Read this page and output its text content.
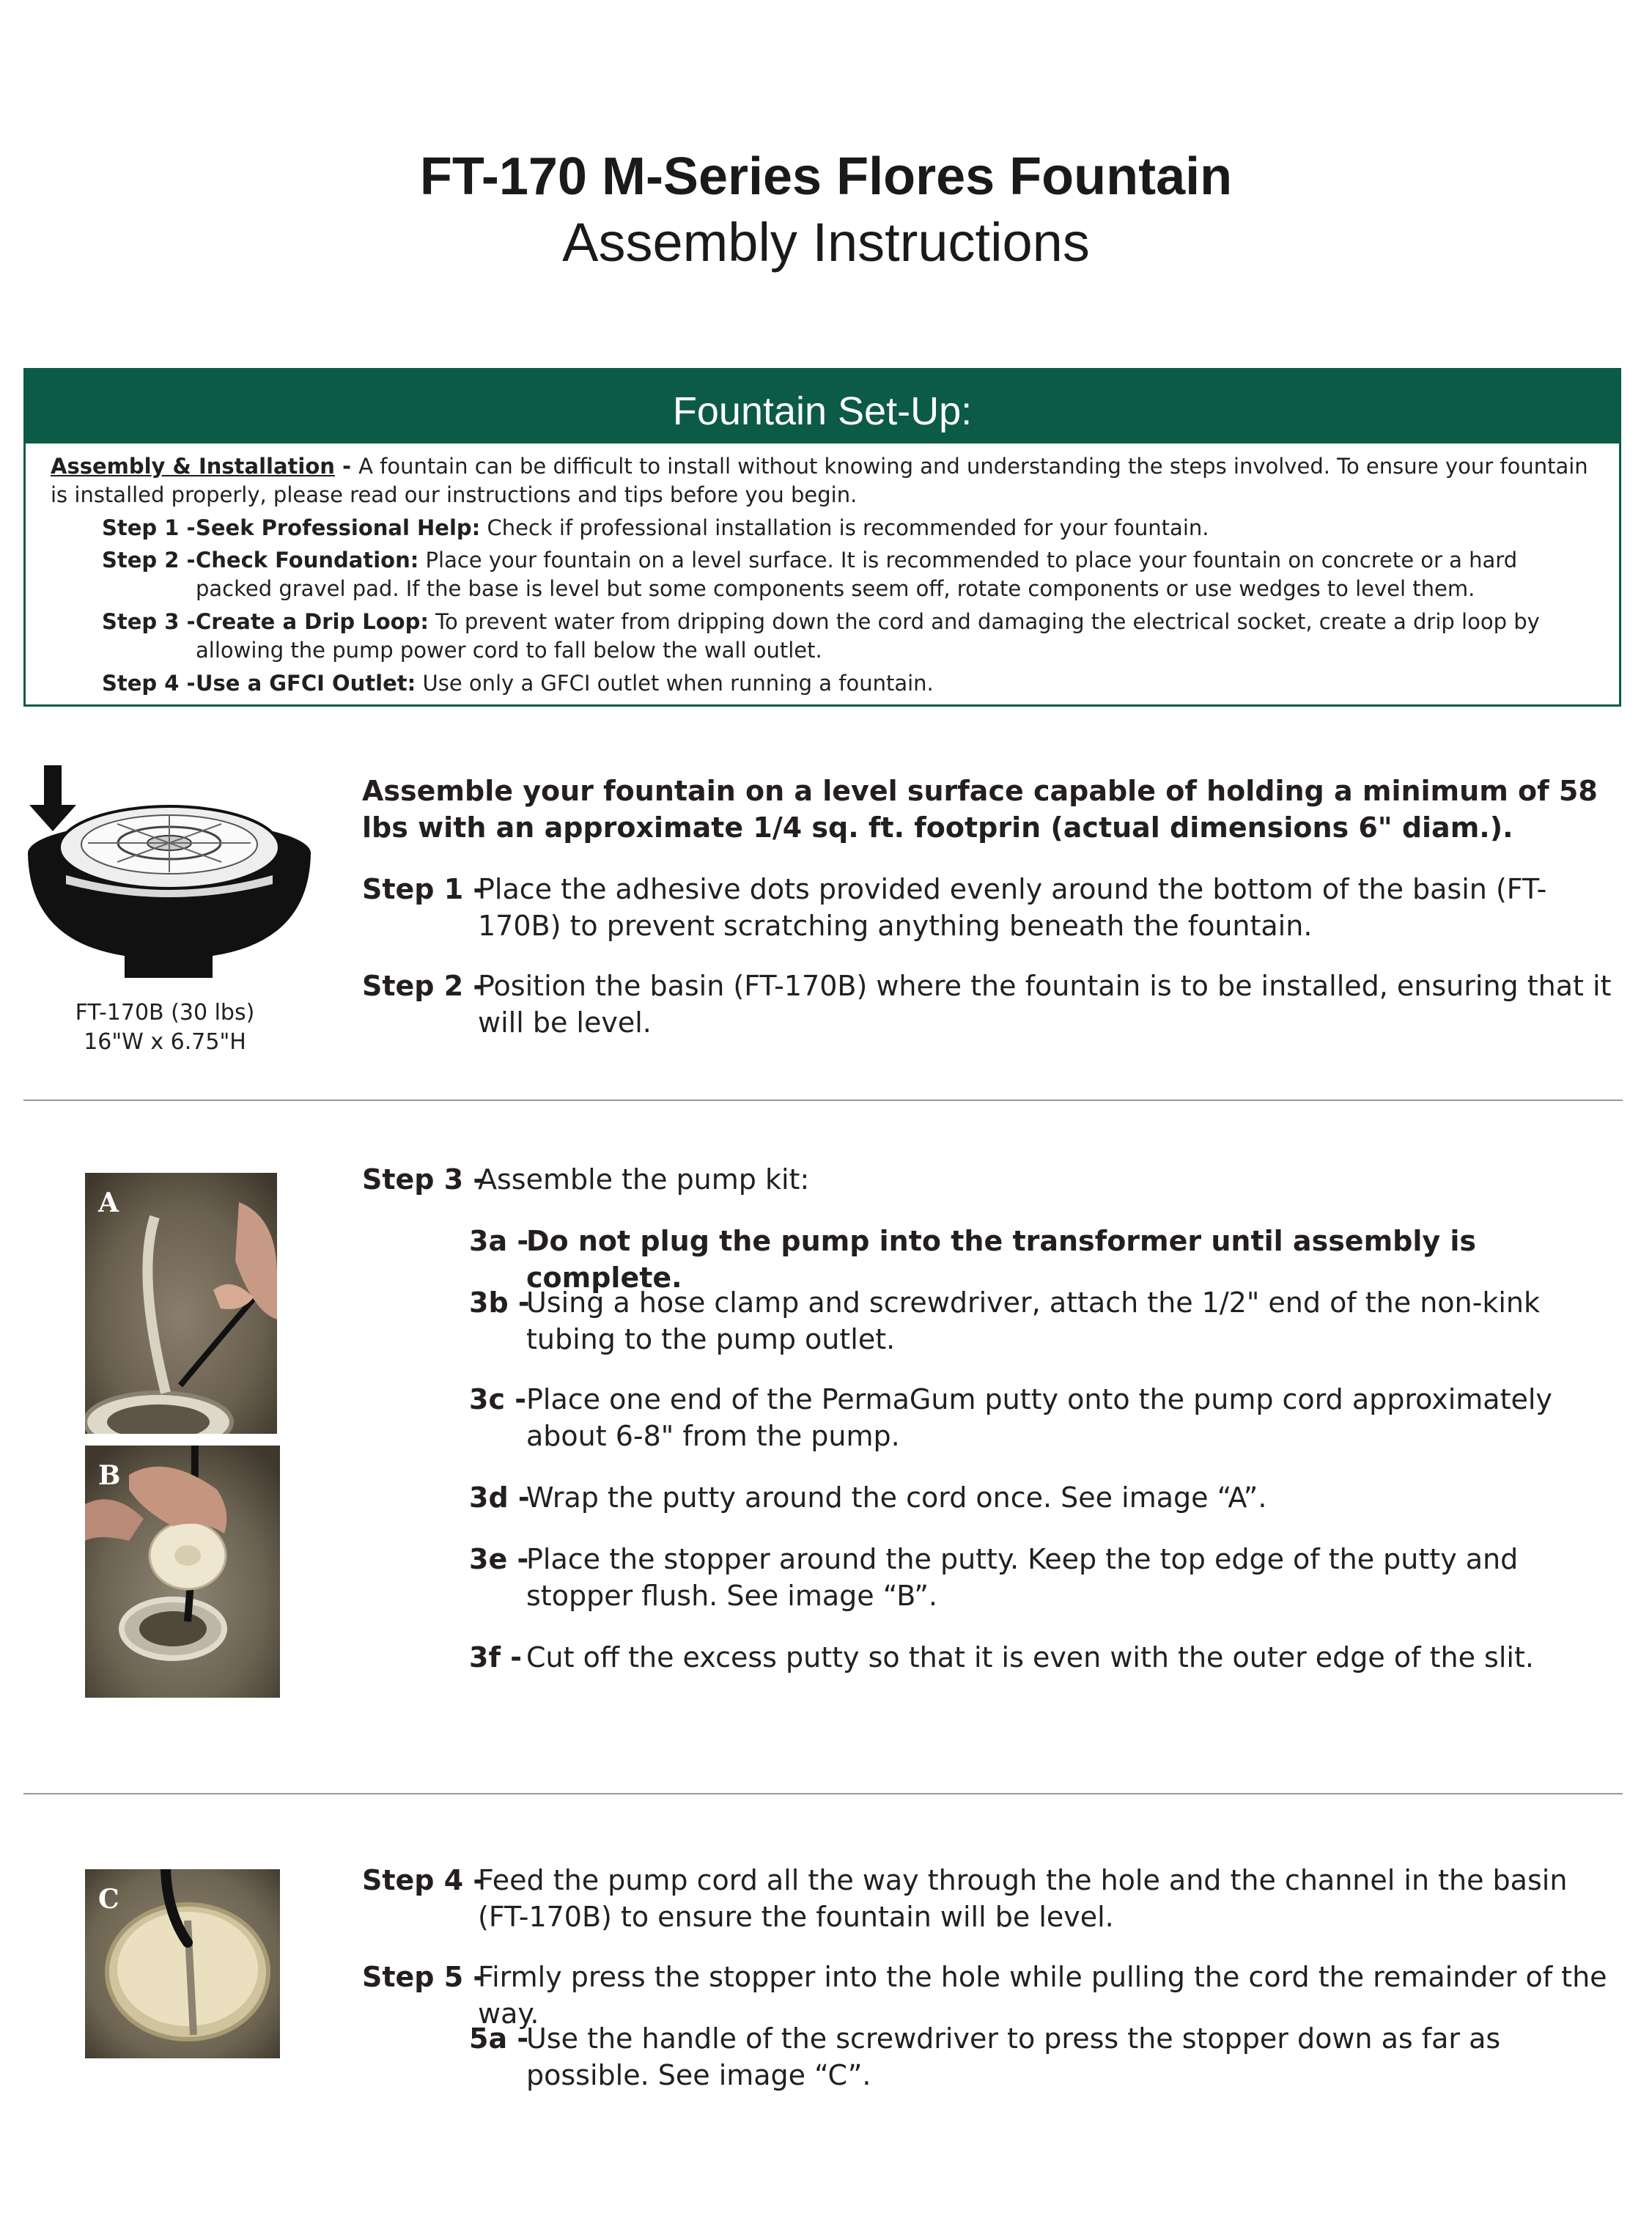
FT-170 M-Series Flores Fountain
Assembly Instructions
Fountain Set-Up:
Assembly & Installation - A fountain can be difficult to install without knowing and understanding the steps involved. To ensure your fountain is installed properly, please read our instructions and tips before you begin.
Step 1 - Seek Professional Help: Check if professional installation is recommended for your fountain.
Step 2 - Check Foundation: Place your fountain on a level surface. It is recommended to place your fountain on concrete or a hard packed gravel pad. If the base is level but some components seem off, rotate components or use wedges to level them.
Step 3 - Create a Drip Loop: To prevent water from dripping down the cord and damaging the electrical socket, create a drip loop by allowing the pump power cord to fall below the wall outlet.
Step 4 - Use a GFCI Outlet: Use only a GFCI outlet when running a fountain.
FT-170B (30 lbs)
16"W x 6.75"H
Assemble your fountain on a level surface capable of holding a minimum of 58 lbs with an approximate 1/4 sq. ft. footprin (actual dimensions 6" diam.).
Step 1 -
Place the adhesive dots provided evenly around the bottom of the basin (FT-170B) to prevent scratching anything beneath the fountain.
Step 2 -
Position the basin (FT-170B) where the fountain is to be installed, ensuring that it will be level.
A
B
Step 3 -
Assemble the pump kit:
3a -
Do not plug the pump into the transformer until assembly is complete.
3b -
Using a hose clamp and screwdriver, attach the 1/2" end of the non-kink tubing to the pump outlet.
3c - Place one end of the PermaGum putty onto the pump cord approximately about 6-8" from the pump.
3d -
Wrap the putty around the cord once. See image “A”.
3e -
Place the stopper around the putty. Keep the top edge of the putty and stopper flush. See image “B”.
3f - Cut off the excess putty so that it is even with the outer edge of the slit.
C
Step 4 -
Feed the pump cord all the way through the hole and the channel in the basin (FT-170B) to ensure the fountain will be level.
Step 5 -
Firmly press the stopper into the hole while pulling the cord the remainder of the way.
5a -
Use the handle of the screwdriver to press the stopper down as far as possible. See image “C”.
